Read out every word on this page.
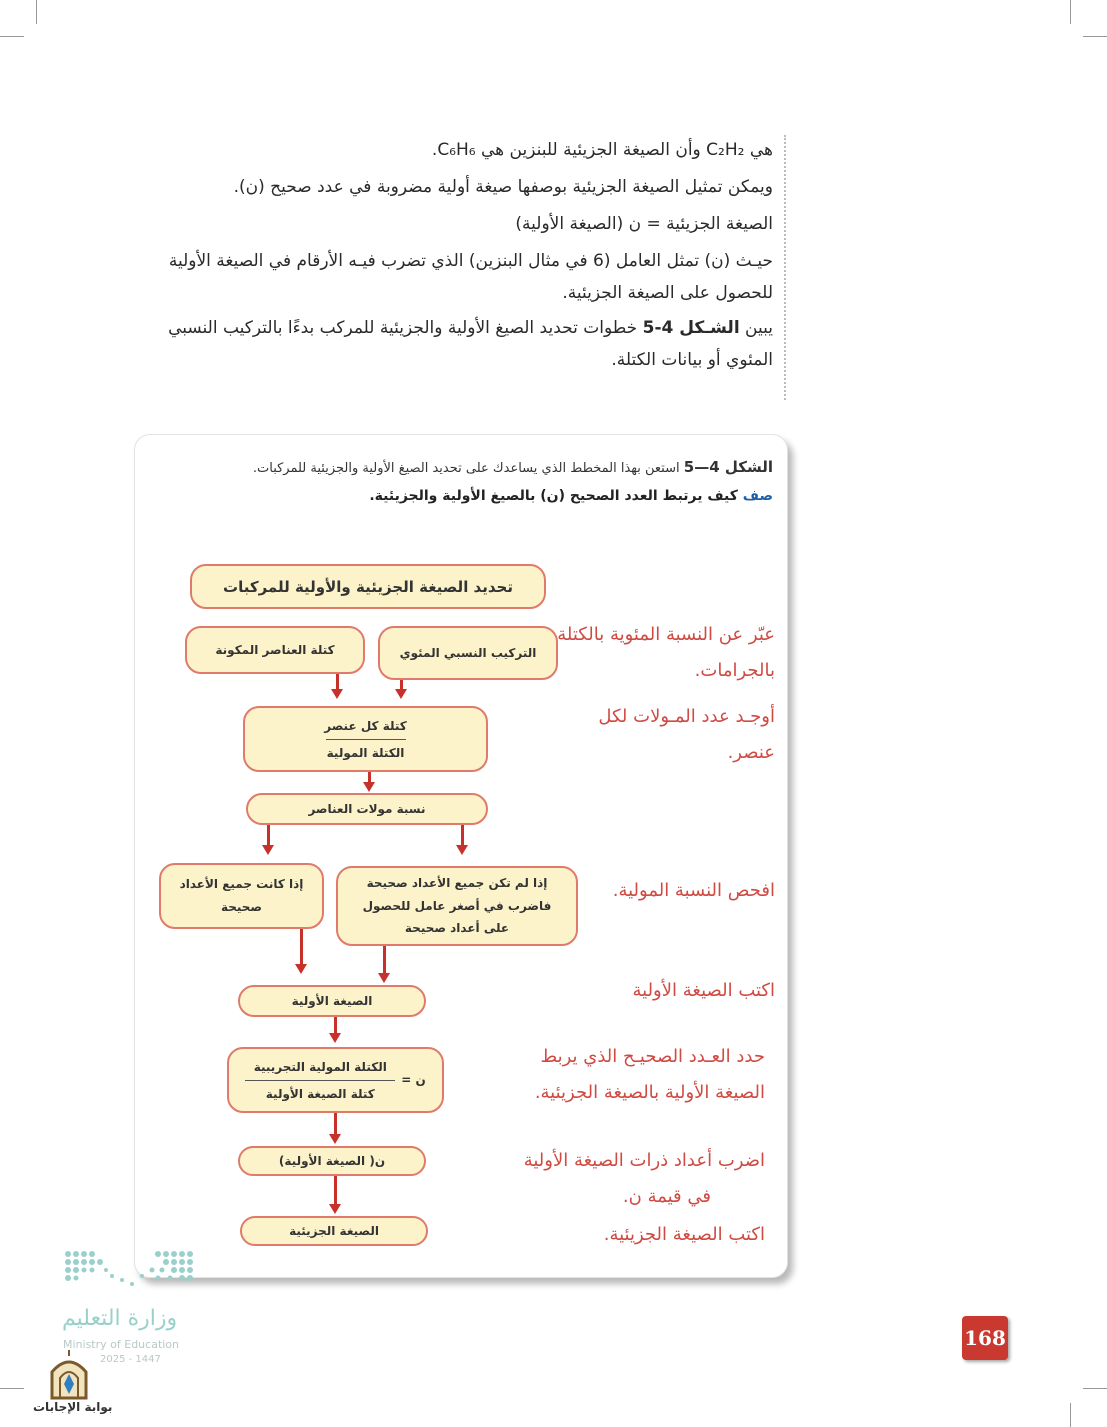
هي C₂H₂ وأن الصيغة الجزيئية للبنزين هي C₆H₆.
ويمكن تمثيل الصيغة الجزيئية بوصفها صيغة أولية مضروبة في عدد صحيح (ن).
الصيغة الجزيئية = ن (الصيغة الأولية)
حيـث (ن) تمثل العامل (6 في مثال البنزين) الذي تضرب فيـه الأرقام في الصيغة الأولية
للحصول على الصيغة الجزيئية.
يبين الشـكل 4-5 خطوات تحديد الصيغ الأولية والجزيئية للمركب بدءًا بالتركيب النسبي
المئوي أو بيانات الكتلة.
الشكل 4—5 استعن بهذا المخطط الذي يساعدك على تحديد الصيغ الأولية والجزيئية للمركبات.
صف كيف يرتبط العدد الصحيح (ن) بالصيغ الأولية والجزيئية.
تحديد الصيغة الجزيئية والأولية للمركبات
التركيب النسبي المئوي
كتلة العناصر المكونة
كتلة كل عنصر
الكتلة المولية
نسبة مولات العناصر
إذا لم تكن جميع الأعداد صحيحة فاضرب في أصغر عامل للحصول على أعداد صحيحة
إذا كانت جميع الأعداد صحيحة
الصيغة الأولية
ن =
الكتلة المولية التجريبية
كتلة الصيغة الأولية
ن( الصيغة الأولية)
الصيغة الجزيئية
عبّر عن النسبة المئوية بالكتلة
بالجرامات.
أوجـد عدد المـولات لكل
عنصر.
افحص النسبة المولية.
اكتب الصيغة الأولية
حدد العـدد الصحيـح الذي يربط
الصيغة الأولية بالصيغة الجزيئية.
اضرب أعداد ذرات الصيغة الأولية
في قيمة ن.
اكتب الصيغة الجزيئية.
وزارة التعليم
Ministry of Education
2025 - 1447
بوابة الإجابات
168
